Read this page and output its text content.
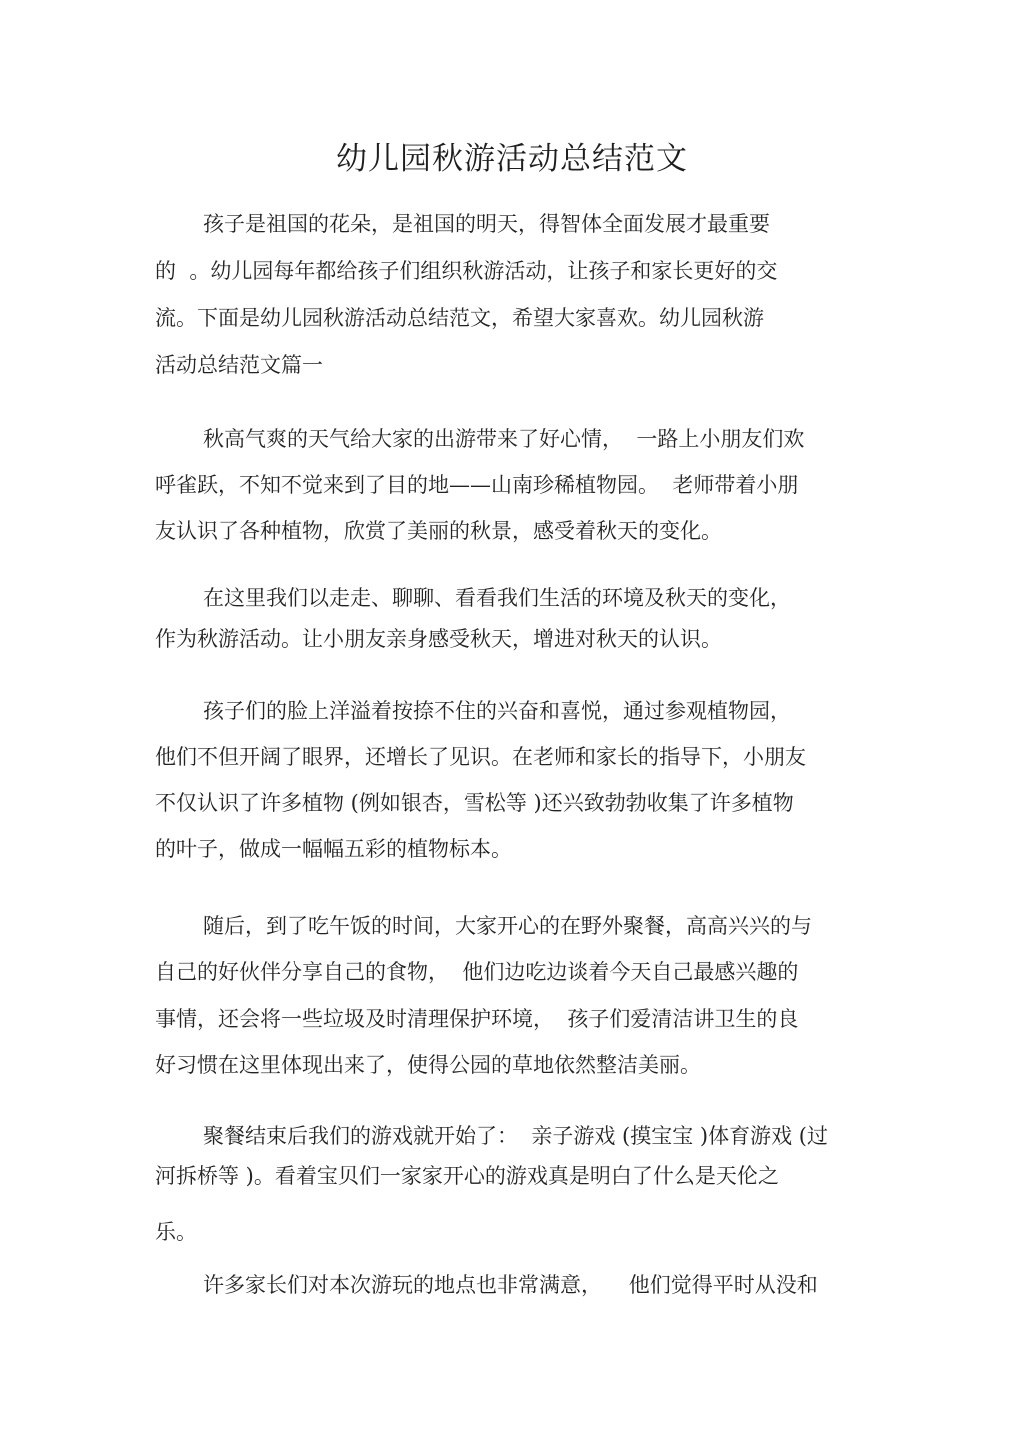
幼儿园秋游活动总结范文
孩子是祖国的花朵，是祖国的明天，得智体全面发展才最重要
的  。幼儿园每年都给孩子们组织秋游活动，让孩子和家长更好的交
流。下面是幼儿园秋游活动总结范文，希望大家喜欢。幼儿园秋游
活动总结范文篇一
秋高气爽的天气给大家的出游带来了好心情，  一路上小朋友们欢
呼雀跃，不知不觉来到了目的地——山南珍稀植物园。  老师带着小朋
友认识了各种植物，欣赏了美丽的秋景，感受着秋天的变化。
在这里我们以走走、聊聊、看看我们生活的环境及秋天的变化，
作为秋游活动。让小朋友亲身感受秋天，增进对秋天的认识。
孩子们的脸上洋溢着按捺不住的兴奋和喜悦，通过参观植物园，
他们不但开阔了眼界，还增长了见识。在老师和家长的指导下，小朋友
不仅认识了许多植物 (例如银杏，雪松等 )还兴致勃勃收集了许多植物
的叶子，做成一幅幅五彩的植物标本。
随后，到了吃午饭的时间，大家开心的在野外聚餐，高高兴兴的与
自己的好伙伴分享自己的食物，  他们边吃边谈着今天自己最感兴趣的
事情，还会将一些垃圾及时清理保护环境，  孩子们爱清洁讲卫生的良
好习惯在这里体现出来了，使得公园的草地依然整洁美丽。
聚餐结束后我们的游戏就开始了：  亲子游戏 (摸宝宝 )体育游戏 (过
河拆桥等 )。看着宝贝们一家家开心的游戏真是明白了什么是天伦之
乐。
许多家长们对本次游玩的地点也非常满意，    他们觉得平时从没和
